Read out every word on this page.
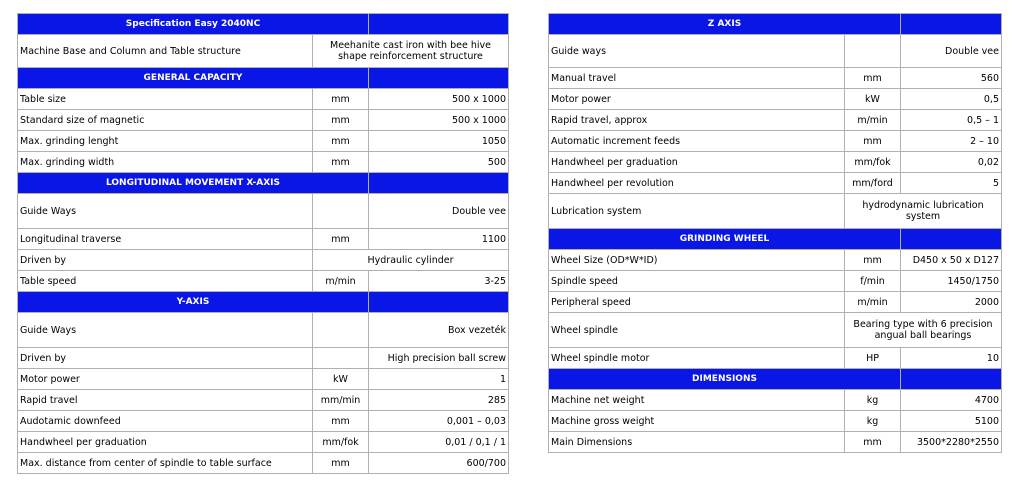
Specification Easy 2040NC		
Machine Base and Column and Table structure	Meehanite cast iron with bee hive shape reinforcement structure	
GENERAL CAPACITY		
Table size	mm	500 x 1000
Standard size of magnetic	mm	500 x 1000
Max. grinding lenght	mm	1050
Max. grinding width	mm	500
LONGITUDINAL MOVEMENT X-AXIS		
Guide Ways		Double vee
Longitudinal traverse	mm	1100
Driven by	Hydraulic cylinder	
Table speed	m/min	3-25
Y-AXIS		
Guide Ways		Box vezeték
Driven by		High precision ball screw
Motor power	kW	1
Rapid travel	mm/min	285
Audotamic downfeed	mm	0,001 – 0,03
Handwheel per graduation	mm/fok	0,01 / 0,1 / 1
Max. distance from center of spindle to table surface	mm	600/700
Z AXIS		
Guide ways		Double vee
Manual travel	mm	560
Motor power	kW	0,5
Rapid travel, approx	m/min	0,5 – 1
Automatic increment feeds	mm	2 – 10
Handwheel per graduation	mm/fok	0,02
Handwheel per revolution	mm/ford	5
Lubrication system	hydrodynamic lubrication system	
GRINDING WHEEL		
Wheel Size (OD*W*ID)	mm	D450 x 50 x D127
Spindle speed	f/min	1450/1750
Peripheral speed	m/min	2000
Wheel spindle	Bearing type with 6 precision angual ball bearings	
Wheel spindle motor	HP	10
DIMENSIONS		
Machine net weight	kg	4700
Machine gross weight	kg	5100
Main Dimensions	mm	3500*2280*2550
